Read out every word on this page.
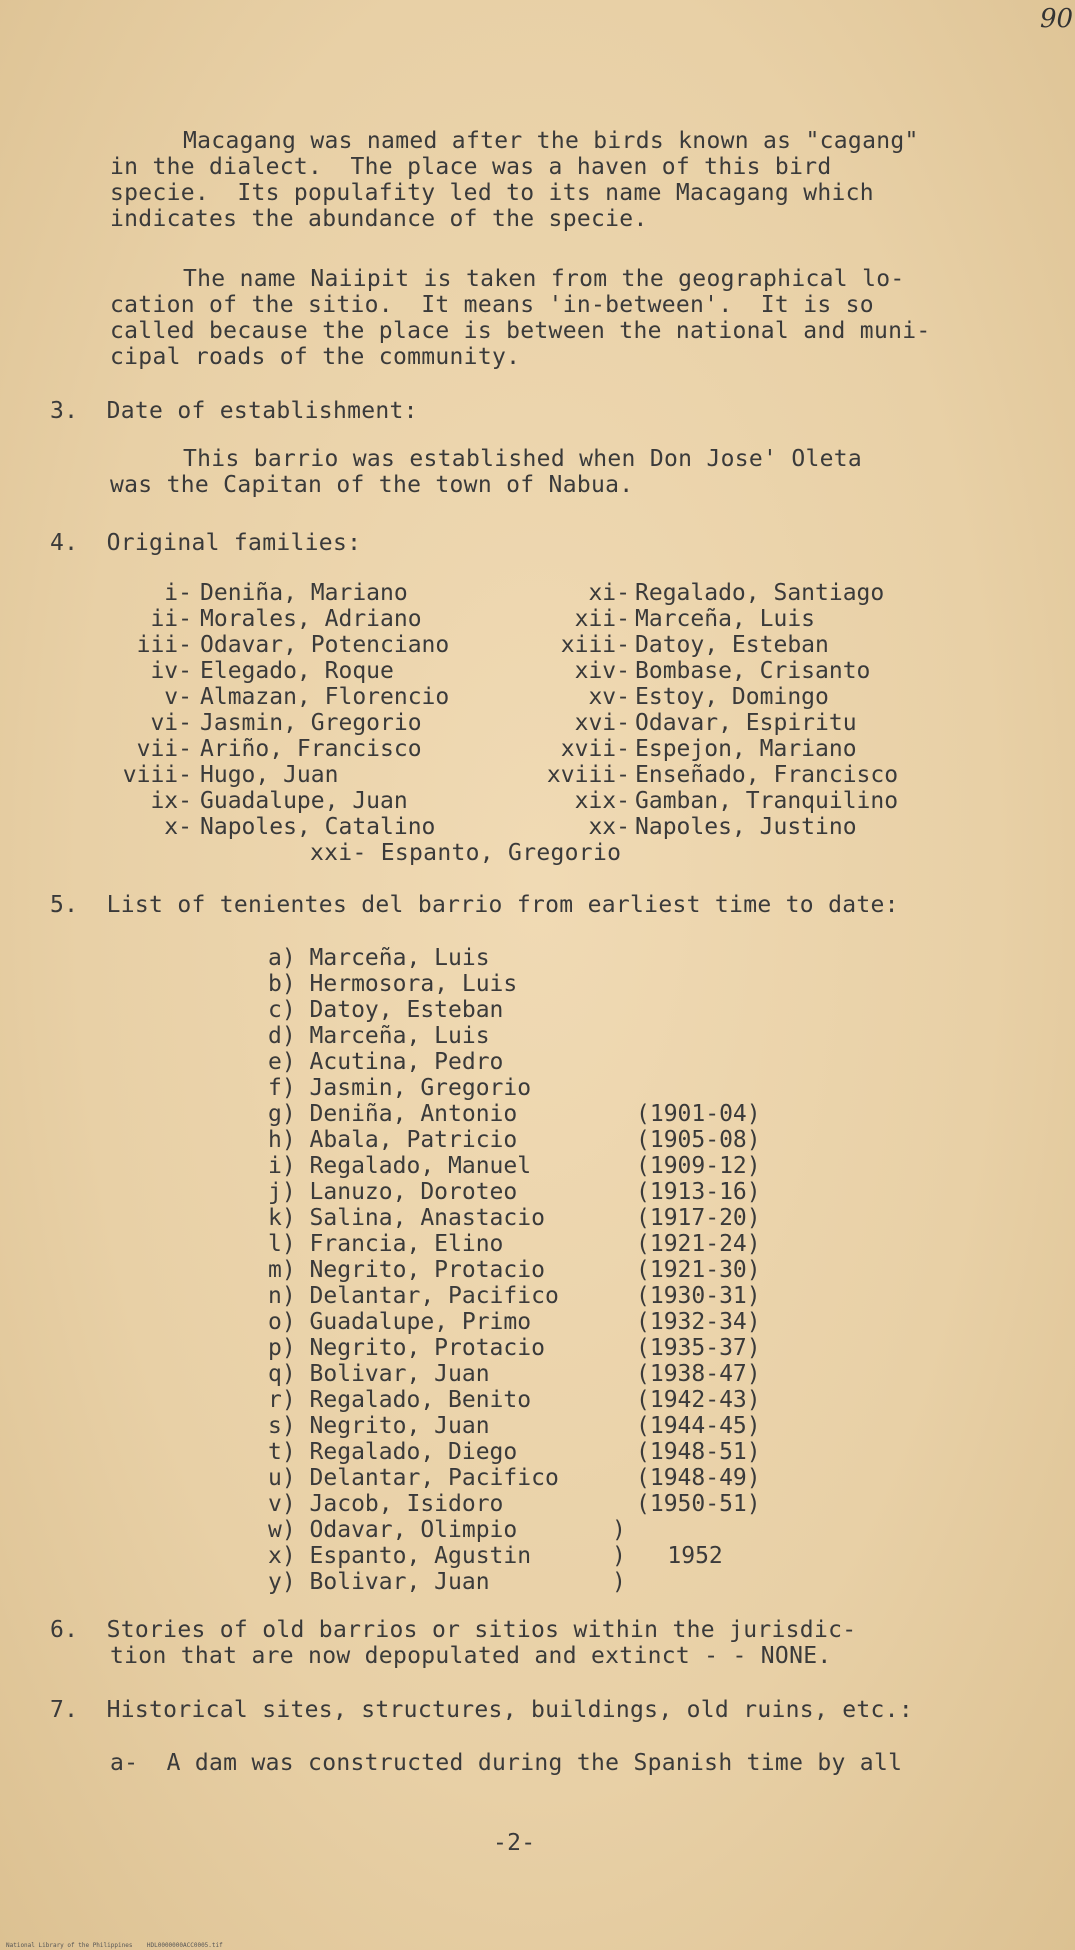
90
Macagang was named after the birds known as "cagang"
in the dialect.  The place was a haven of this bird
specie.  Its populafity led to its name Macagang which
indicates the abundance of the specie.
The name Naiipit is taken from the geographical lo-
cation of the sitio.  It means 'in-between'.  It is so
called because the place is between the national and muni-
cipal roads of the community.
3.  Date of establishment:
This barrio was established when Don Jose' Oleta
was the Capitan of the town of Nabua.
4.  Original families:
i- Deniña, Mariano
ii- Morales, Adriano
iii- Odavar, Potenciano
iv- Elegado, Roque
v- Almazan, Florencio
vi- Jasmin, Gregorio
vii- Ariño, Francisco
viii- Hugo, Juan
ix- Guadalupe, Juan
x- Napoles, Catalino
xi- Regalado, Santiago
xii- Marceña, Luis
xiii- Datoy, Esteban
xiv- Bombase, Crisanto
xv- Estoy, Domingo
xvi- Odavar, Espiritu
xvii- Espejon, Mariano
xviii- Enseñado, Francisco
xix- Gamban, Tranquilino
xx- Napoles, Justino
xxi- Espanto, Gregorio
5.  List of tenientes del barrio from earliest time to date:
a) Marceña, Luis
b) Hermosora, Luis
c) Datoy, Esteban
d) Marceña, Luis
e) Acutina, Pedro
f) Jasmin, Gregorio
g) Deniña, Antonio	(1901-04)
h) Abala, Patricio	(1905-08)
i) Regalado, Manuel	(1909-12)
j) Lanuzo, Doroteo	(1913-16)
k) Salina, Anastacio	(1917-20)
l) Francia, Elino	(1921-24)
m) Negrito, Protacio	(1921-30)
n) Delantar, Pacifico	(1930-31)
o) Guadalupe, Primo	(1932-34)
p) Negrito, Protacio	(1935-37)
q) Bolivar, Juan	(1938-47)
r) Regalado, Benito	(1942-43)
s) Negrito, Juan	(1944-45)
t) Regalado, Diego	(1948-51)
u) Delantar, Pacifico	(1948-49)
v) Jacob, Isidoro	(1950-51)
w) Odavar, Olimpio	)
x) Espanto, Agustin	)   1952
y) Bolivar, Juan	)
6.  Stories of old barrios or sitios within the jurisdic-
tion that are now depopulated and extinct - - NONE.
7.  Historical sites, structures, buildings, old ruins, etc.:
a-  A dam was constructed during the Spanish time by all
-2-
National Library of the Philippines    HDL0000000ACC0005.tif
